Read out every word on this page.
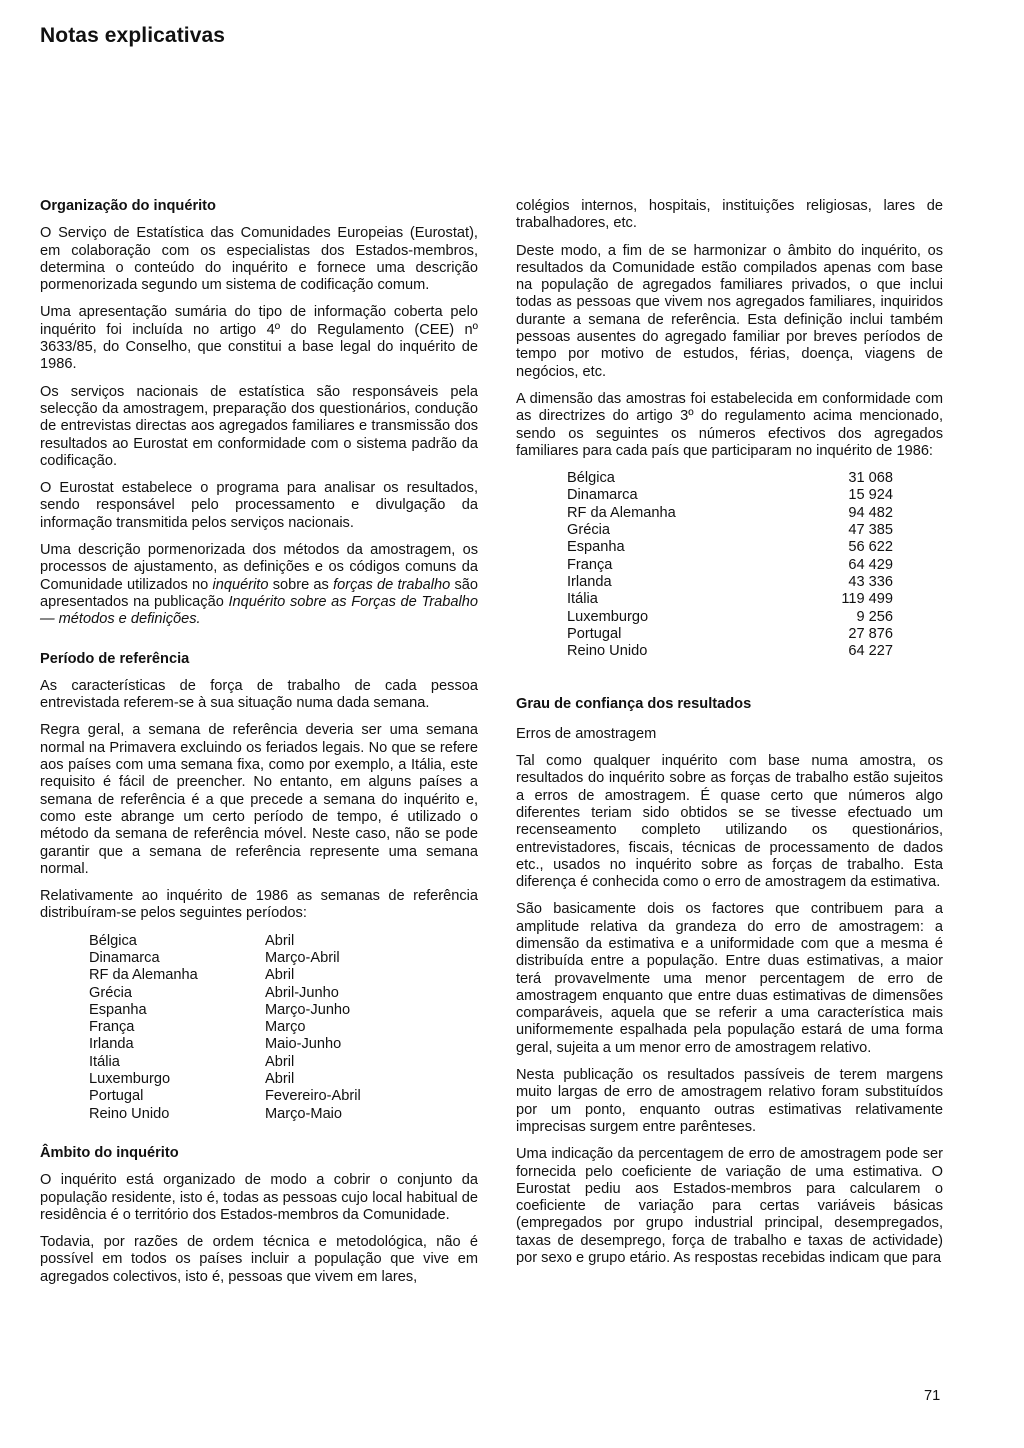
Notas explicativas
Organização do inquérito

O Serviço de Estatística das Comunidades Europeias (Eurostat), em colaboração com os especialistas dos Estados-membros, determina o conteúdo do inquérito e fornece uma descrição pormenorizada segundo um sistema de codificação comum.

Uma apresentação sumária do tipo de informação coberta pelo inquérito foi incluída no artigo 4º do Regulamento (CEE) nº 3633/85, do Conselho, que constitui a base legal do inquérito de 1986.

Os serviços nacionais de estatística são responsáveis pela selecção da amostragem, preparação dos questionários, condução de entrevistas directas aos agregados familiares e transmissão dos resultados ao Eurostat em conformidade com o sistema padrão da codificação.

O Eurostat estabelece o programa para analisar os resultados, sendo responsável pelo processamento e divulgação da informação transmitida pelos serviços nacionais.

Uma descrição pormenorizada dos métodos da amostragem, os processos de ajustamento, as definições e os códigos comuns da Comunidade utilizados no inquérito sobre as forças de trabalho são apresentados na publicação Inquérito sobre as Forças de Trabalho — métodos e definições.

Período de referência

As características de força de trabalho de cada pessoa entrevistada referem-se à sua situação numa dada semana.

Regra geral, a semana de referência deveria ser uma semana normal na Primavera excluindo os feriados legais. No que se refere aos países com uma semana fixa, como por exemplo, a Itália, este requisito é fácil de preencher. No entanto, em alguns países a semana de referência é a que precede a semana do inquérito e, como este abrange um certo período de tempo, é utilizado o método da semana de referência móvel. Neste caso, não se pode garantir que a semana de referência represente uma semana normal.

Relativamente ao inquérito de 1986 as semanas de referência distribuíram-se pelos seguintes períodos:

Bélgica	Abril
Dinamarca	Março-Abril
RF da Alemanha	Abril
Grécia	Abril-Junho
Espanha	Março-Junho
França	Março
Irlanda	Maio-Junho
Itália	Abril
Luxemburgo	Abril
Portugal	Fevereiro-Abril
Reino Unido	Março-Maio
Âmbito do inquérito

O inquérito está organizado de modo a cobrir o conjunto da população residente, isto é, todas as pessoas cujo local habitual de residência é o território dos Estados-membros da Comunidade.

Todavia, por razões de ordem técnica e metodológica, não é possível em todos os países incluir a população que vive em agregados colectivos, isto é, pessoas que vivem em lares,

colégios internos, hospitais, instituições religiosas, lares de trabalhadores, etc.

Deste modo, a fim de se harmonizar o âmbito do inquérito, os resultados da Comunidade estão compilados apenas com base na população de agregados familiares privados, o que inclui todas as pessoas que vivem nos agregados familiares, inquiridos durante a semana de referência. Esta definição inclui também pessoas ausentes do agregado familiar por breves períodos de tempo por motivo de estudos, férias, doença, viagens de negócios, etc.

A dimensão das amostras foi estabelecida em conformidade com as directrizes do artigo 3º do regulamento acima mencionado, sendo os seguintes os números efectivos dos agregados familiares para cada país que participaram no inquérito de 1986:

Bélgica	31 068
Dinamarca	15 924
RF da Alemanha	94 482
Grécia	47 385
Espanha	56 622
França	64 429
Irlanda	43 336
Itália	119 499
Luxemburgo	9 256
Portugal	27 876
Reino Unido	64 227
Grau de confiança dos resultados
Erros de amostragem

Tal como qualquer inquérito com base numa amostra, os resultados do inquérito sobre as forças de trabalho estão sujeitos a erros de amostragem. É quase certo que números algo diferentes teriam sido obtidos se se tivesse efectuado um recenseamento completo utilizando os questionários, entrevistadores, fiscais, técnicas de processamento de dados etc., usados no inquérito sobre as forças de trabalho. Esta diferença é conhecida como o erro de amostragem da estimativa.

São basicamente dois os factores que contribuem para a amplitude relativa da grandeza do erro de amostragem: a dimensão da estimativa e a uniformidade com que a mesma é distribuída entre a população. Entre duas estimativas, a maior terá provavelmente uma menor percentagem de erro de amostragem enquanto que entre duas estimativas de dimensões comparáveis, aquela que se referir a uma característica mais uniformemente espalhada pela população estará de uma forma geral, sujeita a um menor erro de amostragem relativo.

Nesta publicação os resultados passíveis de terem margens muito largas de erro de amostragem relativo foram substituídos por um ponto, enquanto outras estimativas relativamente imprecisas surgem entre parênteses.

Uma indicação da percentagem de erro de amostragem pode ser fornecida pelo coeficiente de variação de uma estimativa. O Eurostat pediu aos Estados-membros para calcularem o coeficiente de variação para certas variáveis básicas (empregados por grupo industrial principal, desempregados, taxas de desemprego, força de trabalho e taxas de actividade) por sexo e grupo etário. As respostas recebidas indicam que para

71
